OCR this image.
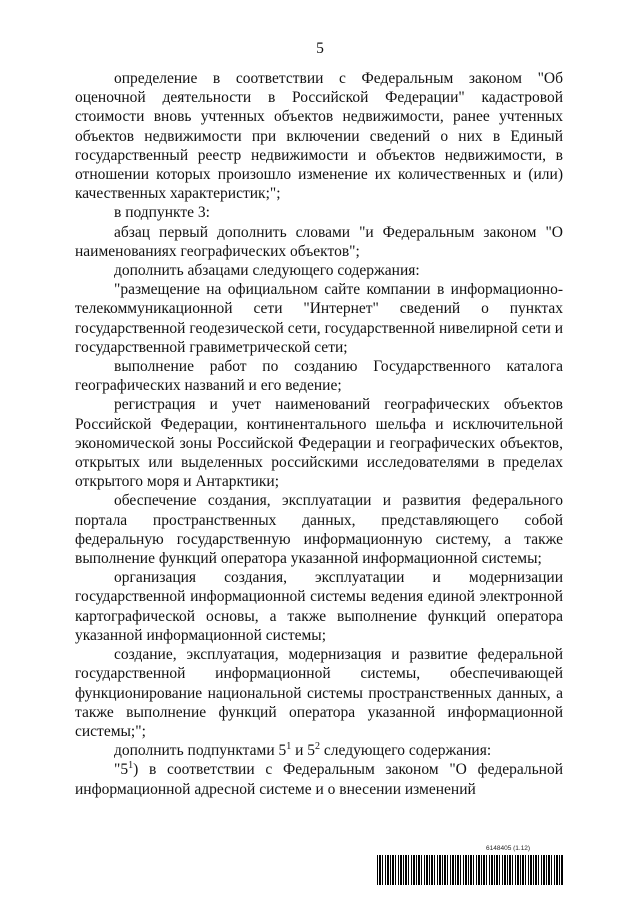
5

определение в соответствии с Федеральным законом "Об оценочной деятельности в Российской Федерации" кадастровой стоимости вновь учтенных объектов недвижимости, ранее учтенных объектов недвижимости при включении сведений о них в Единый государственный реестр недвижимости и объектов недвижимости, в отношении которых произошло изменение их количественных и (или) качественных характеристик;";

в подпункте 3:

абзац первый дополнить словами "и Федеральным законом "О наименованиях географических объектов";

дополнить абзацами следующего содержания:

"размещение на официальном сайте компании в информационно-телекоммуникационной сети "Интернет" сведений о пунктах государственной геодезической сети, государственной нивелирной сети и государственной гравиметрической сети;

выполнение работ по созданию Государственного каталога географических названий и его ведение;

регистрация и учет наименований географических объектов Российской Федерации, континентального шельфа и исключительной экономической зоны Российской Федерации и географических объектов, открытых или выделенных российскими исследователями в пределах открытого моря и Антарктики;

обеспечение создания, эксплуатации и развития федерального портала пространственных данных, представляющего собой федеральную государственную информационную систему, а также выполнение функций оператора указанной информационной системы;

организация создания, эксплуатации и модернизации государственной информационной системы ведения единой электронной картографической основы, а также выполнение функций оператора указанной информационной системы;

создание, эксплуатация, модернизация и развитие федеральной государственной информационной системы, обеспечивающей функционирование национальной системы пространственных данных, а также выполнение функций оператора указанной информационной системы;";

дополнить подпунктами $5^1$ и $5^2$ следующего содержания:

"$5^1$) в соответствии с Федеральным законом "О федеральной информационной адресной системе и о внесении изменений

6148405 (1.12)
